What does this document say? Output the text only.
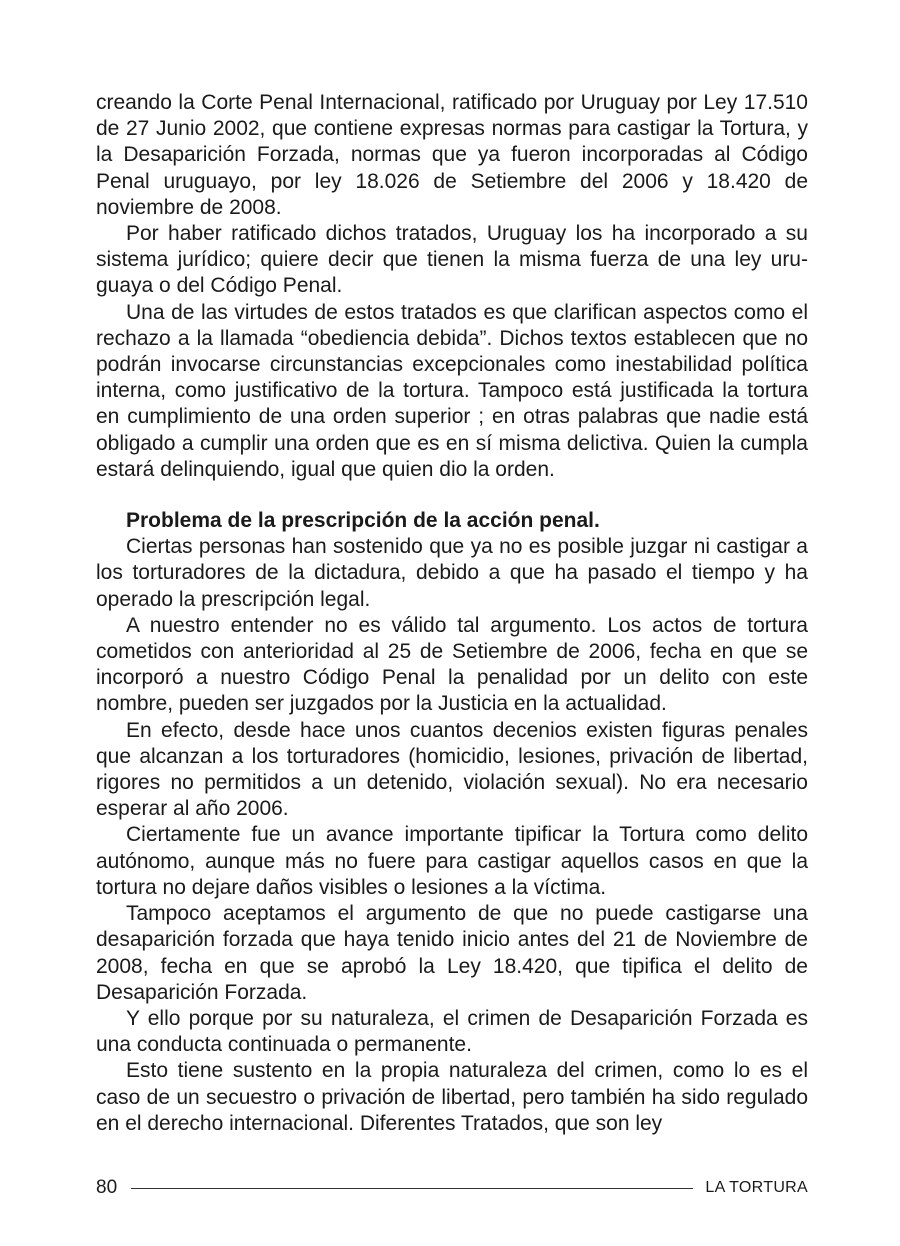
creando la Corte Penal Internacional, ratificado por Uruguay por Ley 17.510 de 27 Junio 2002, que contiene expresas normas para castigar la Tortura, y la Desaparición Forzada, normas que ya fueron incorporadas al Código Penal uruguayo, por ley 18.026 de Setiembre del 2006 y 18.420 de noviembre de 2008.

Por haber ratificado dichos tratados, Uruguay los ha incorporado a su sistema jurídico; quiere decir que tienen la misma fuerza de una ley uruguaya o del Código Penal.

Una de las virtudes de estos tratados es que clarifican aspectos como el rechazo a la llamada “obediencia debida”. Dichos textos establecen que no podrán invocarse circunstancias excepcionales como inestabilidad política interna, como justificativo de la tortura. Tampoco está justificada la tortura en cumplimiento de una orden superior ; en otras palabras que nadie está obligado a cumplir una orden que es en sí misma delictiva. Quien la cumpla estará delinquiendo, igual que quien dio la orden.

Problema de la prescripción de la acción penal.

Ciertas personas han sostenido que ya no es posible juzgar ni castigar a los torturadores de la dictadura, debido a que ha pasado el tiempo y ha operado la prescripción legal.

A nuestro entender no es válido tal argumento. Los actos de tortura cometidos con anterioridad al 25 de Setiembre de 2006, fecha en que se incorporó a nuestro Código Penal la penalidad por un delito con este nombre, pueden ser juzgados por la Justicia en la actualidad.

En efecto, desde hace unos cuantos decenios existen figuras penales que alcanzan a los torturadores (homicidio, lesiones, privación de libertad, rigores no permitidos a un detenido, violación sexual). No era necesario esperar al año 2006.

Ciertamente fue un avance importante tipificar la Tortura como delito autónomo, aunque más no fuere para castigar aquellos casos en que la tortura no dejare daños visibles o lesiones a la víctima.

Tampoco aceptamos el argumento de que no puede castigarse una desaparición forzada que haya tenido inicio antes del 21 de Noviembre de 2008, fecha en que se aprobó la Ley 18.420, que tipifica el delito de Desaparición Forzada.

Y ello porque por su naturaleza, el crimen de Desaparición Forzada es una conducta continuada o permanente.

Esto tiene sustento en la propia naturaleza del crimen, como lo es el caso de un secuestro o privación de libertad, pero también ha sido regulado en el derecho internacional. Diferentes Tratados, que son ley

80	LA TORTURA
